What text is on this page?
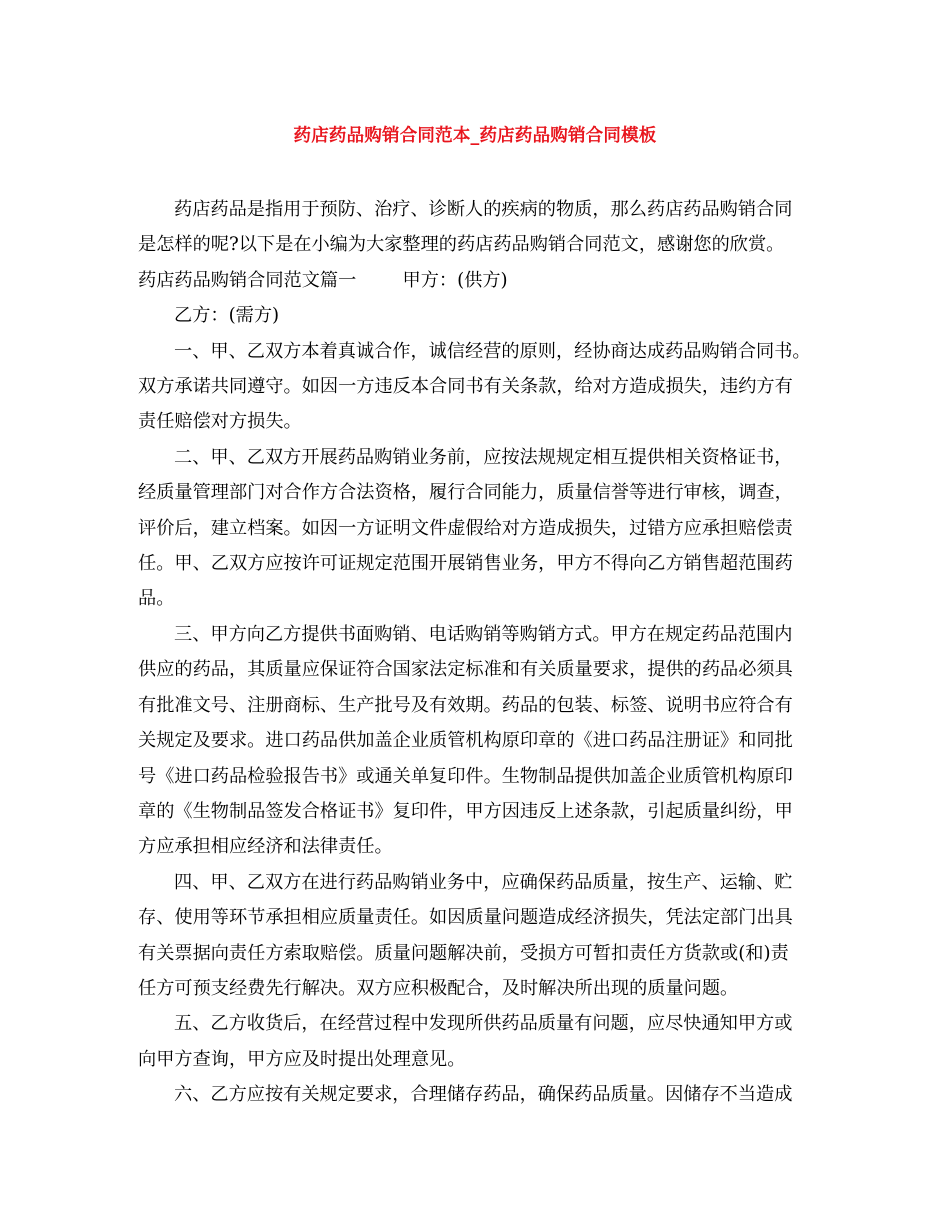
药店药品购销合同范本_药店药品购销合同模板

药店药品是指用于预防、治疗、诊断人的疾病的物质，那么药店药品购销合同

是怎样的呢?以下是在小编为大家整理的药店药品购销合同范文，感谢您的欣赏。

药店药品购销合同范文篇一        甲方：(供方)

乙方：(需方)

一、甲、乙双方本着真诚合作，诚信经营的原则，经协商达成药品购销合同书。

双方承诺共同遵守。如因一方违反本合同书有关条款，给对方造成损失，违约方有

责任赔偿对方损失。

二、甲、乙双方开展药品购销业务前，应按法规规定相互提供相关资格证书，

经质量管理部门对合作方合法资格，履行合同能力，质量信誉等进行审核，调查，

评价后，建立档案。如因一方证明文件虚假给对方造成损失，过错方应承担赔偿责

任。甲、乙双方应按许可证规定范围开展销售业务，甲方不得向乙方销售超范围药

品。

三、甲方向乙方提供书面购销、电话购销等购销方式。甲方在规定药品范围内

供应的药品，其质量应保证符合国家法定标准和有关质量要求，提供的药品必须具

有批准文号、注册商标、生产批号及有效期。药品的包装、标签、说明书应符合有

关规定及要求。进口药品供加盖企业质管机构原印章的《进口药品注册证》和同批

号《进口药品检验报告书》或通关单复印件。生物制品提供加盖企业质管机构原印

章的《生物制品签发合格证书》复印件，甲方因违反上述条款，引起质量纠纷，甲

方应承担相应经济和法律责任。

四、甲、乙双方在进行药品购销业务中，应确保药品质量，按生产、运输、贮

存、使用等环节承担相应质量责任。如因质量问题造成经济损失，凭法定部门出具

有关票据向责任方索取赔偿。质量问题解决前，受损方可暂扣责任方货款或(和)责

任方可预支经费先行解决。双方应积极配合，及时解决所出现的质量问题。

五、乙方收货后，在经营过程中发现所供药品质量有问题，应尽快通知甲方或

向甲方查询，甲方应及时提出处理意见。

六、乙方应按有关规定要求，合理储存药品，确保药品质量。因储存不当造成
